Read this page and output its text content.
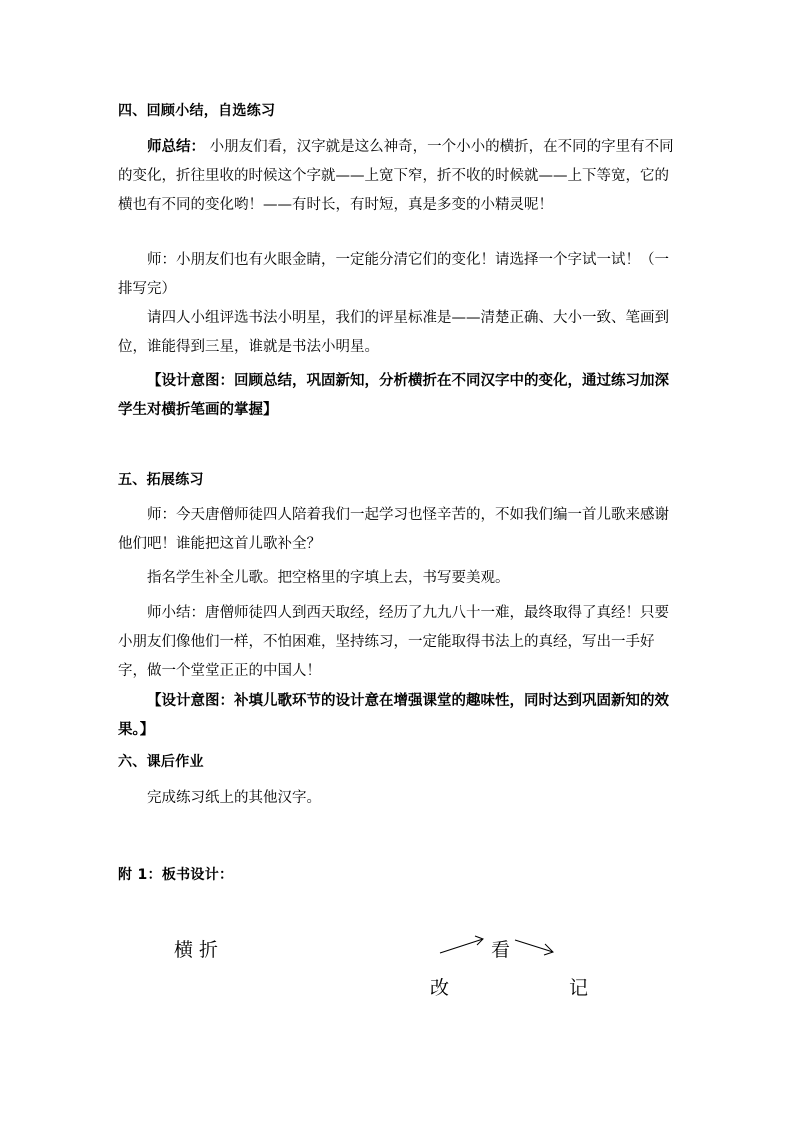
四、回顾小结，自选练习
师总结： 小朋友们看，汉字就是这么神奇，一个小小的横折，在不同的字里有不同的变化，折往里收的时候这个字就——上宽下窄，折不收的时候就——上下等宽，它的横也有不同的变化哟！——有时长，有时短，真是多变的小精灵呢！
师：小朋友们也有火眼金睛，一定能分清它们的变化！请选择一个字试一试！（一排写完）
请四人小组评选书法小明星，我们的评星标准是——清楚正确、大小一致、笔画到位，谁能得到三星，谁就是书法小明星。
【设计意图：回顾总结，巩固新知，分析横折在不同汉字中的变化，通过练习加深学生对横折笔画的掌握】
五、拓展练习
师：今天唐僧师徒四人陪着我们一起学习也怪辛苦的，不如我们编一首儿歌来感谢他们吧！谁能把这首儿歌补全？
指名学生补全儿歌。把空格里的字填上去，书写要美观。
师小结：唐僧师徒四人到西天取经，经历了九九八十一难，最终取得了真经！只要小朋友们像他们一样，不怕困难，坚持练习，一定能取得书法上的真经，写出一手好字，做一个堂堂正正的中国人！
【设计意图：补填儿歌环节的设计意在增强课堂的趣味性，同时达到巩固新知的效果。】
六、课后作业
完成练习纸上的其他汉字。
附 1：板书设计：
横 折	看
改	记
